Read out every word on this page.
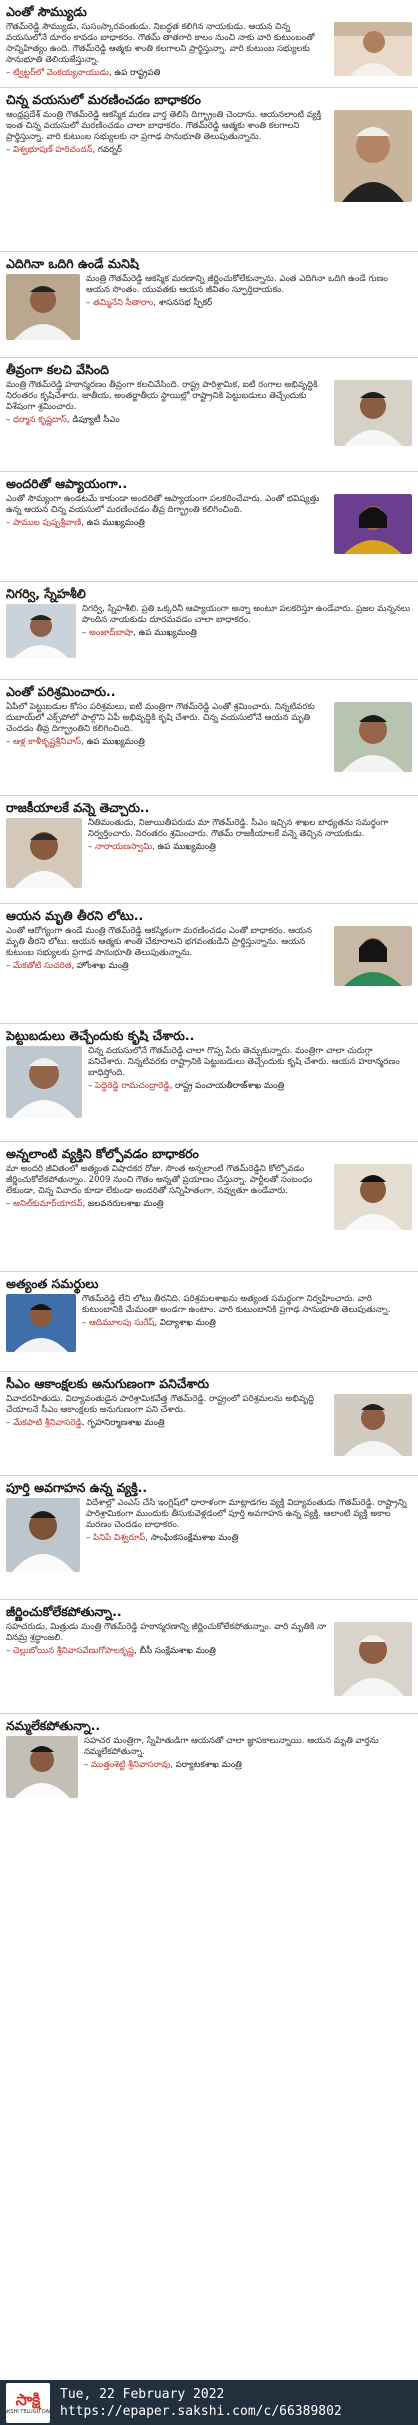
ఎంతో సౌమ్యుడు
గౌతమ్‌రెడ్డి సౌమ్యుడు, సుసంస్కారవంతుడు. నిబద్ధత కలిగిన నాయకుడు. ఆయన చిన్న వయసులోనే దూరం కావడం బాధాకరం. గౌతమ్ తాతగారి కాలం నుంచి నాకు వారి కుటుంబంతో సాన్నిహిత్యం ఉంది. గౌతమ్‌రెడ్డి ఆత్మకు శాంతి కలగాలని ప్రార్థిస్తున్నా. వారి కుటుంబ సభ్యులకు సానుభూతి తెలియజేస్తున్నా.
– ట్విట్టర్‌లో వెంకయ్యనాయుడు, ఉప రాష్ట్రపతి
చిన్న వయసులో మరణించడం బాధాకరం
ఆంధ్రప్రదేశ్ మంత్రి గౌతమ్‌రెడ్డి ఆకస్మిక మరణ వార్త తెలిసి దిగ్భ్రాంతి చెందాను. ఆయనలాంటి వ్యక్తి ఇంత చిన్న వయసులో మరణించడం చాలా బాధాకరం. గౌతమ్‌రెడ్డి ఆత్మకు శాంతి కలగాలని ప్రార్థిస్తున్నా. వారి కుటుంబ సభ్యులకు నా ప్రగాఢ సానుభూతి తెలుపుతున్నాను.
– విశ్వభూషణ్ హరిచందన్, గవర్నర్
ఎదిగినా ఒదిగి ఉండే మనిషి
మంత్రి గౌతమ్‌రెడ్డి ఆకస్మిక మరణాన్ని జీర్ణించుకోలేకున్నాను. ఎంత ఎదిగినా ఒదిగి ఉండే గుణం ఆయన సొంతం. యువతకు ఆయన జీవితం స్ఫూర్తిదాయకం.
– తమ్మినేని సీతారాం, శాసనసభ స్పీకర్
తీవ్రంగా కలచి వేసింది
మంత్రి గౌతమ్‌రెడ్డి హఠాన్మరణం తీవ్రంగా కలచివేసింది. రాష్ట్ర పారిశ్రామిక, ఐటీ రంగాల అభివృద్ధికి నిరంతరం కృషిచేశారు. జాతీయ, అంతర్జాతీయ స్థాయిల్లో రాష్ట్రానికి పెట్టుబడులు తెచ్చేందుకు విశేషంగా శ్రమించారు.
– ధర్మాన కృష్ణదాస్, డిప్యూటీ సీఎం
అందరితో ఆప్యాయంగా..
ఎంతో సౌమ్యంగా ఉండటమే కాకుండా అందరితో ఆప్యాయంగా పలకరించేవారు. ఎంతో భవిష్యత్తు ఉన్న ఆయన చిన్న వయసులో మరణించడం తీవ్ర దిగ్భ్రాంతి కలిగించింది.
– పాముల పుష్పశ్రీవాణి, ఉప ముఖ్యమంత్రి
నిగర్వి, స్నేహశీలి
నిగర్వి, స్నేహశీలి. ప్రతి ఒక్కరినీ ఆప్యాయంగా అన్నా అంటూ పలకరిస్తూ ఉండేవారు. ప్రజల మన్ననలు పొందిన నాయకుడు దూరమవడం చాలా బాధాకరం.
– అంజాద్‌బాషా, ఉప ముఖ్యమంత్రి
ఎంతో పరిశ్రమించారు..
ఏపీలో పెట్టుబడుల కోసం పరిశ్రమలు, ఐటీ మంత్రిగా గౌతమ్‌రెడ్డి ఎంతో శ్రమించారు. నిన్నటివరకు దుబాయ్‌లో ఎక్స్‌పోలో పాల్గొని ఏపీ అభివృద్ధికి కృషి చేశారు. చిన్న వయసులోనే ఆయన మృతి చెందడం తీవ్ర దిగ్భ్రాంతిని కలిగించింది.
– ఆళ్ల కాళీకృష్ణశ్రీనివాస్, ఉప ముఖ్యమంత్రి
రాజకీయాలకే వన్నె తెచ్చారు..
నీతిమంతుడు, నిజాయితీపరుడు మా గౌతమ్‌రెడ్డి. సీఎం ఇచ్చిన శాఖల బాధ్యతను సమర్థంగా నిర్వర్తించారు. నిరంతరం శ్రమించారు. గౌతమ్ రాజకీయాలకే వన్నె తెచ్చిన నాయకుడు.
– నారాయణస్వామి, ఉప ముఖ్యమంత్రి
ఆయన మృతి తీరని లోటు..
ఎంతో ఆరోగ్యంగా ఉండే మంత్రి గౌతమ్‌రెడ్డి ఆకస్మికంగా మరణించడం ఎంతో బాధాకరం. ఆయన మృతి తీరని లోటు. ఆయన ఆత్మకు శాంతి చేకూరాలని భగవంతుడిని ప్రార్థిస్తున్నాను. ఆయన కుటుంబ సభ్యులకు ప్రగాఢ సానుభూతి తెలుపుతున్నాను.
– మేకతోటి సుచరిత, హోంశాఖ మంత్రి
పెట్టుబడులు తెచ్చేందుకు కృషి చేశారు..
చిన్న వయసులోనే గౌతమ్‌రెడ్డి చాలా గొప్ప పేరు తెచ్చుకున్నారు. మంత్రిగా చాలా చురుగ్గా పనిచేశారు. నిన్నటివరకు రాష్ట్రానికి పెట్టుబడులు తెచ్చేందుకు కృషి చేశారు. ఆయన హఠాన్మరణం బాధిస్తోంది.
– పెద్దిరెడ్డి రామచంద్రారెడ్డి, రాష్ట్ర పంచాయతీరాజ్‌శాఖ మంత్రి
అన్నలాంటి వ్యక్తిని కోల్పోవడం బాధాకరం
మా అందరి జీవితంలో అత్యంత విషాదకర రోజు. సొంత అన్నలాంటి గౌతమ్‌రెడ్డిని కోల్పోవడం జీర్ణించుకోలేకపోతున్నాం. 2009 నుంచి గౌతం అన్నతో ప్రయాణం చేస్తున్నా. పార్టీలతో సంబంధం లేకుండా, చిన్న వివాదం కూడా లేకుండా అందరితో సన్నిహితంగా, నవ్వుతూ ఉండేవారు.
– అనిల్‌కుమార్‌యాదవ్, జలవనరులశాఖ మంత్రి
అత్యంత సమర్థులు
గౌతమ్‌రెడ్డి లేని లోటు తీరనిది. పరిశ్రమలశాఖను అత్యంత సమర్థంగా నిర్వహించారు. వారి కుటుంబానికి మేమంతా అండగా ఉంటాం. వారి కుటుంబానికి ప్రగాఢ సానుభూతి తెలుపుతున్నా.
– ఆదిమూలపు సురేష్, విద్యాశాఖ మంత్రి
సీఎం ఆకాంక్షలకు అనుగుణంగా పనిచేశారు
వివాదరహితుడు. విద్యావంతుడైన పారిశ్రామికవేత్త గౌతమ్‌రెడ్డి. రాష్ట్రంలో పరిశ్రమలను అభివృద్ధి చేయాలనే సీఎం ఆకాంక్షలకు అనుగుణంగా పని చేశారు.
– మేకపాటి శ్రీనివాసరెడ్డి, గృహనిర్మాణశాఖ మంత్రి
పూర్తి అవగాహన ఉన్న వ్యక్తి..
విదేశాల్లో ఎంఎస్ చేసి ఇంగ్లిష్‌లో ధారాళంగా మాట్లాడగల వ్యక్తి విద్యావంతుడు గౌతమ్‌రెడ్డి. రాష్ట్రాన్ని పారిశ్రామికంగా ముందుకు తీసుకువెళ్లడంలో పూర్తి అవగాహన ఉన్న వ్యక్తి. ఆలాంటి వ్యక్తి అకాల మరణం చెందడం బాధాకరం.
– పినిపే విశ్వరూప్, సాంఘికసంక్షేమశాఖ మంత్రి
జీర్ణించుకోలేకపోతున్నా..
సహచరుడు, మిత్రుడు మంత్రి గౌతమ్‌రెడ్డి హఠాన్మరణాన్ని జీర్ణించుకోలేకపోతున్నాం. వారి మృతికి నా వినమ్ర శ్రద్ధాంజలి.
– చెల్లుబోయిన శ్రీనివాసవేణుగోపాలకృష్ణ, బీసీ సంక్షేమశాఖ మంత్రి
నమ్మలేకపోతున్నా..
సహచర మంత్రిగా, స్నేహితుడిగా ఆయనతో చాలా జ్ఞాపకాలున్నాయి. ఆయన మృతి వార్తను నమ్మలేకపోతున్నా.
– ముత్తంశెట్టి శ్రీనివాసరావు, పర్యాటకశాఖ మంత్రి
సాక్షి
SAKSHI TELUGU DAILY
Tue, 22 February 2022
https://epaper.sakshi.com/c/66389802
